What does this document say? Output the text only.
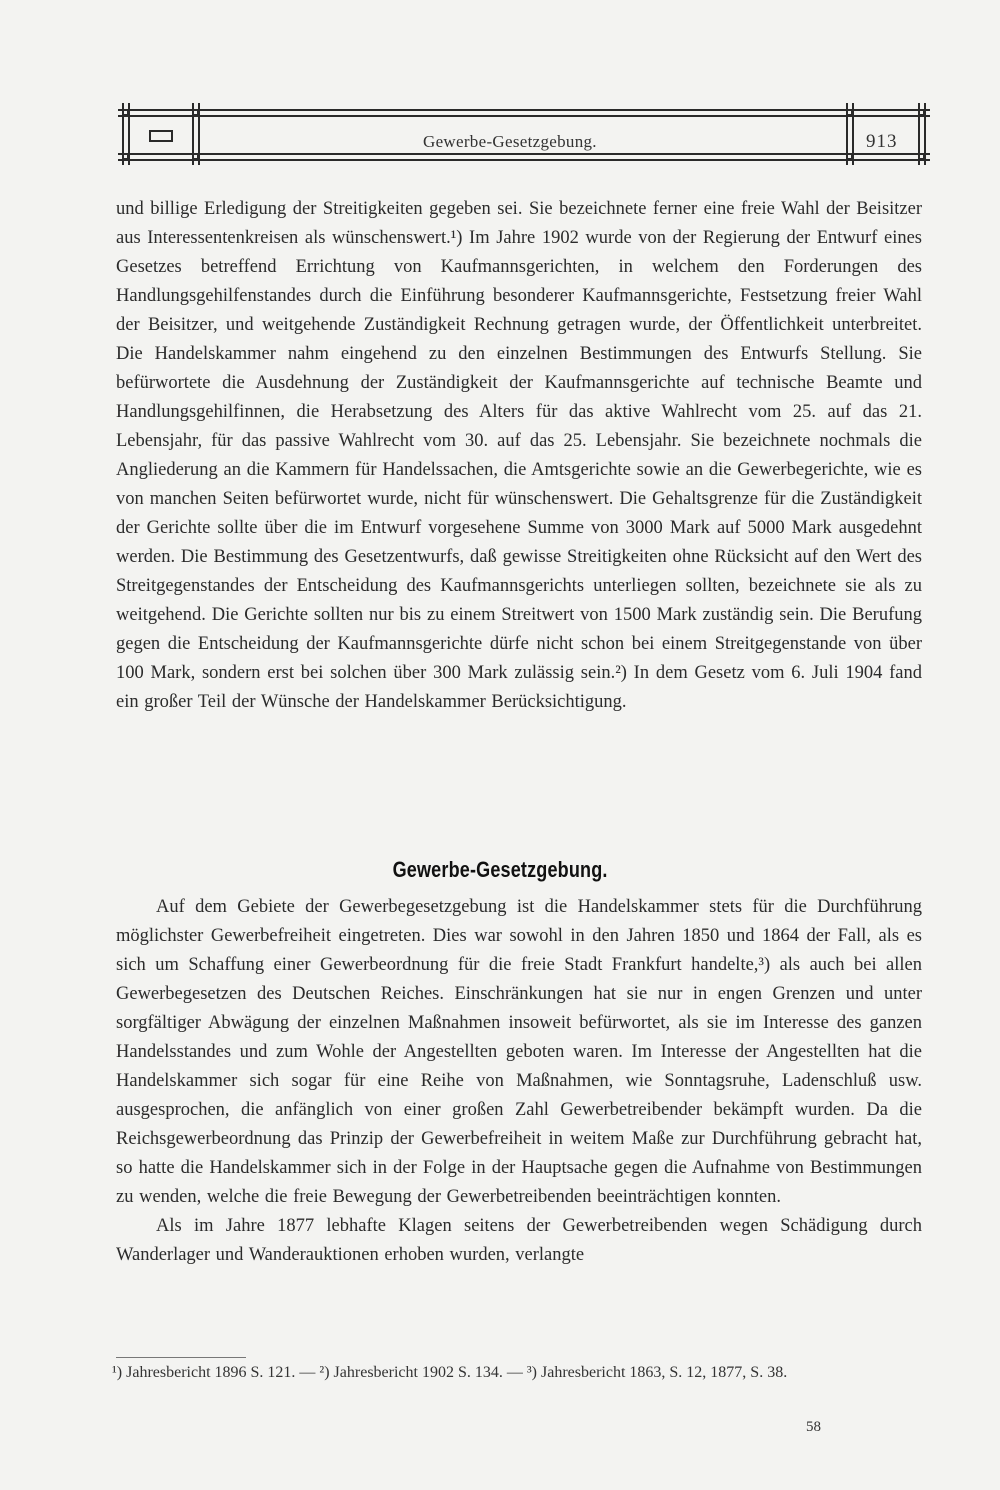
Gewerbe-Gesetzgebung.	913

und billige Erledigung der Streitigkeiten gegeben sei. Sie bezeichnete ferner eine freie Wahl der Beisitzer aus Interessentenkreisen als wünschenswert.¹) Im Jahre 1902 wurde von der Regierung der Entwurf eines Gesetzes betreffend Errichtung von Kaufmannsgerichten, in welchem den Forderungen des Handlungsgehilfenstandes durch die Einführung besonderer Kaufmannsgerichte, Festsetzung freier Wahl der Beisitzer, und weitgehende Zuständigkeit Rechnung getragen wurde, der Öffentlichkeit unterbreitet. Die Handelskammer nahm eingehend zu den einzelnen Bestimmungen des Entwurfs Stellung. Sie befürwortete die Ausdehnung der Zuständigkeit der Kaufmannsgerichte auf technische Beamte und Handlungsgehilfinnen, die Herabsetzung des Alters für das aktive Wahlrecht vom 25. auf das 21. Lebensjahr, für das passive Wahlrecht vom 30. auf das 25. Lebensjahr. Sie bezeichnete nochmals die Angliederung an die Kammern für Handelssachen, die Amtsgerichte sowie an die Gewerbegerichte, wie es von manchen Seiten befürwortet wurde, nicht für wünschenswert. Die Gehaltsgrenze für die Zuständigkeit der Gerichte sollte über die im Entwurf vorgesehene Summe von 3000 Mark auf 5000 Mark ausgedehnt werden. Die Bestimmung des Gesetzentwurfs, daß gewisse Streitigkeiten ohne Rücksicht auf den Wert des Streitgegenstandes der Entscheidung des Kaufmannsgerichts unterliegen sollten, bezeichnete sie als zu weitgehend. Die Gerichte sollten nur bis zu einem Streitwert von 1500 Mark zuständig sein. Die Berufung gegen die Entscheidung der Kaufmannsgerichte dürfe nicht schon bei einem Streitgegenstande von über 100 Mark, sondern erst bei solchen über 300 Mark zulässig sein.²) In dem Gesetz vom 6. Juli 1904 fand ein großer Teil der Wünsche der Handelskammer Berücksichtigung.

Gewerbe-Gesetzgebung.

Auf dem Gebiete der Gewerbegesetzgebung ist die Handelskammer stets für die Durchführung möglichster Gewerbefreiheit eingetreten. Dies war sowohl in den Jahren 1850 und 1864 der Fall, als es sich um Schaffung einer Gewerbeordnung für die freie Stadt Frankfurt handelte,³) als auch bei allen Gewerbegesetzen des Deutschen Reiches. Einschränkungen hat sie nur in engen Grenzen und unter sorgfältiger Abwägung der einzelnen Maßnahmen insoweit befürwortet, als sie im Interesse des ganzen Handelsstandes und zum Wohle der Angestellten geboten waren. Im Interesse der Angestellten hat die Handelskammer sich sogar für eine Reihe von Maßnahmen, wie Sonntagsruhe, Ladenschluß usw. ausgesprochen, die anfänglich von einer großen Zahl Gewerbetreibender bekämpft wurden. Da die Reichsgewerbeordnung das Prinzip der Gewerbefreiheit in weitem Maße zur Durchführung gebracht hat, so hatte die Handelskammer sich in der Folge in der Hauptsache gegen die Aufnahme von Bestimmungen zu wenden, welche die freie Bewegung der Gewerbetreibenden beeinträchtigen konnten.

Als im Jahre 1877 lebhafte Klagen seitens der Gewerbetreibenden wegen Schädigung durch Wanderlager und Wanderauktionen erhoben wurden, verlangte

¹) Jahresbericht 1896 S. 121. — ²) Jahresbericht 1902 S. 134. — ³) Jahresbericht 1863, S. 12, 1877, S. 38.

58
